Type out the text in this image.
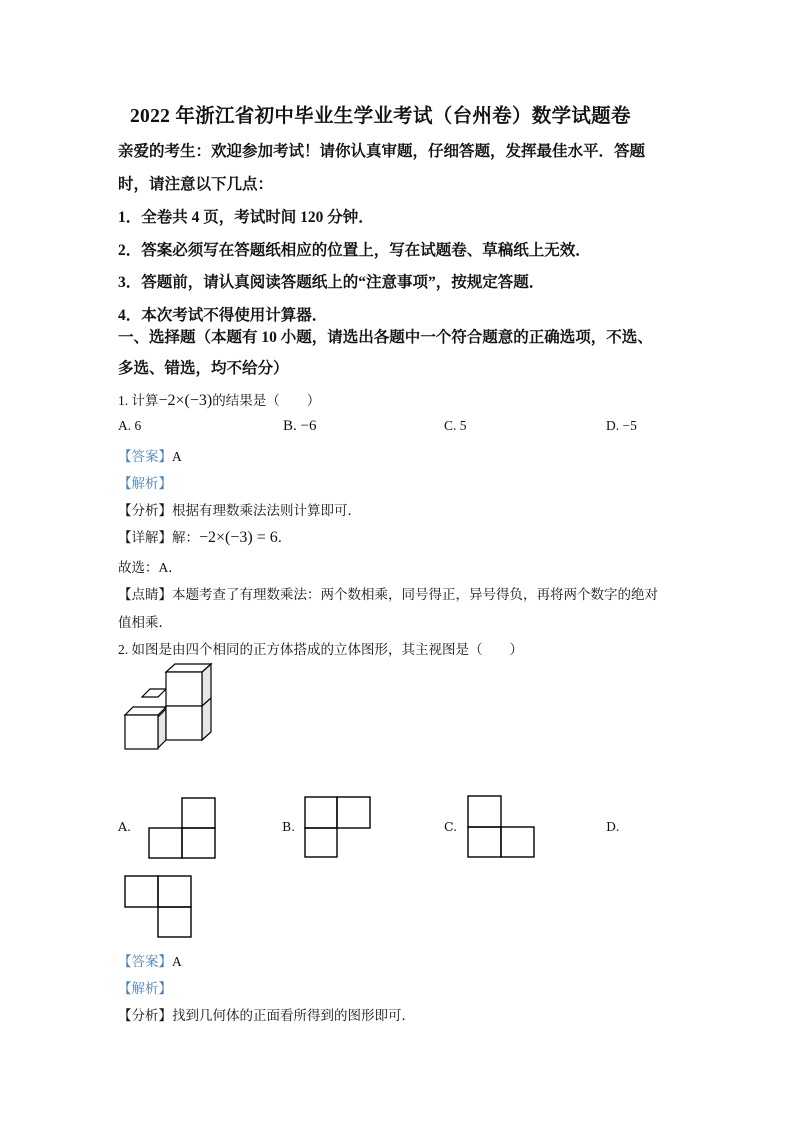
2022 年浙江省初中毕业生学业考试（台州卷）数学试题卷
亲爱的考生：欢迎参加考试！请你认真审题，仔细答题，发挥最佳水平．答题
时，请注意以下几点：
1．全卷共 4 页，考试时间 120 分钟．
2．答案必须写在答题纸相应的位置上，写在试题卷、草稿纸上无效．
3．答题前，请认真阅读答题纸上的“注意事项”，按规定答题．
4．本次考试不得使用计算器．
一、选择题（本题有 10 小题，请选出各题中一个符合题意的正确选项，不选、
多选、错选，均不给分）
1. 计算−2×(−3)的结果是（　　）
A. 6	B. −6	C. 5	D. −5
【答案】A
【解析】
【分析】根据有理数乘法法则计算即可．
【详解】解：−2×(−3) = 6．
故选：A．
【点睛】本题考查了有理数乘法：两个数相乘，同号得正，异号得负，再将两个数字的绝对
值相乘．
2. 如图是由四个相同的正方体搭成的立体图形，其主视图是（　　）
A.	B.	C.	D.
【答案】A
【解析】
【分析】找到几何体的正面看所得到的图形即可．
